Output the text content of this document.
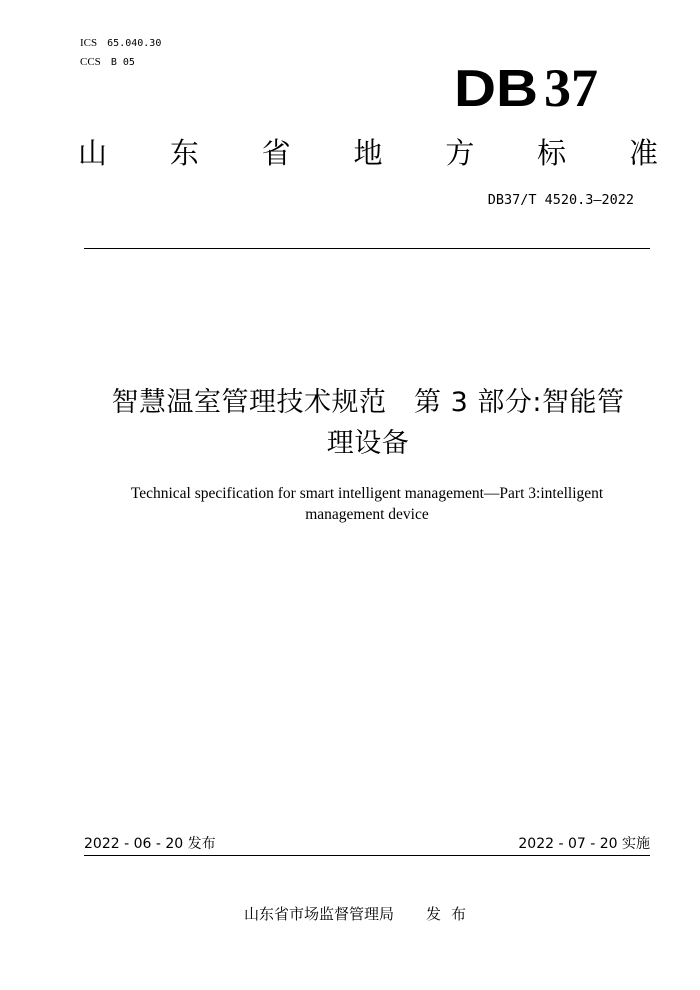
ICS 65.040.30
CCS B 05	DB 37
山 东 省 地 方 标 准
DB37/T 4520.3—2022
智慧温室管理技术规范　第 3 部分:智能管
理设备
Technical specification for smart intelligent management—Part 3:intelligent
management device
2022 - 06 - 20 发布	2022 - 07 - 20 实施
山东省市场监督管理局 发布
